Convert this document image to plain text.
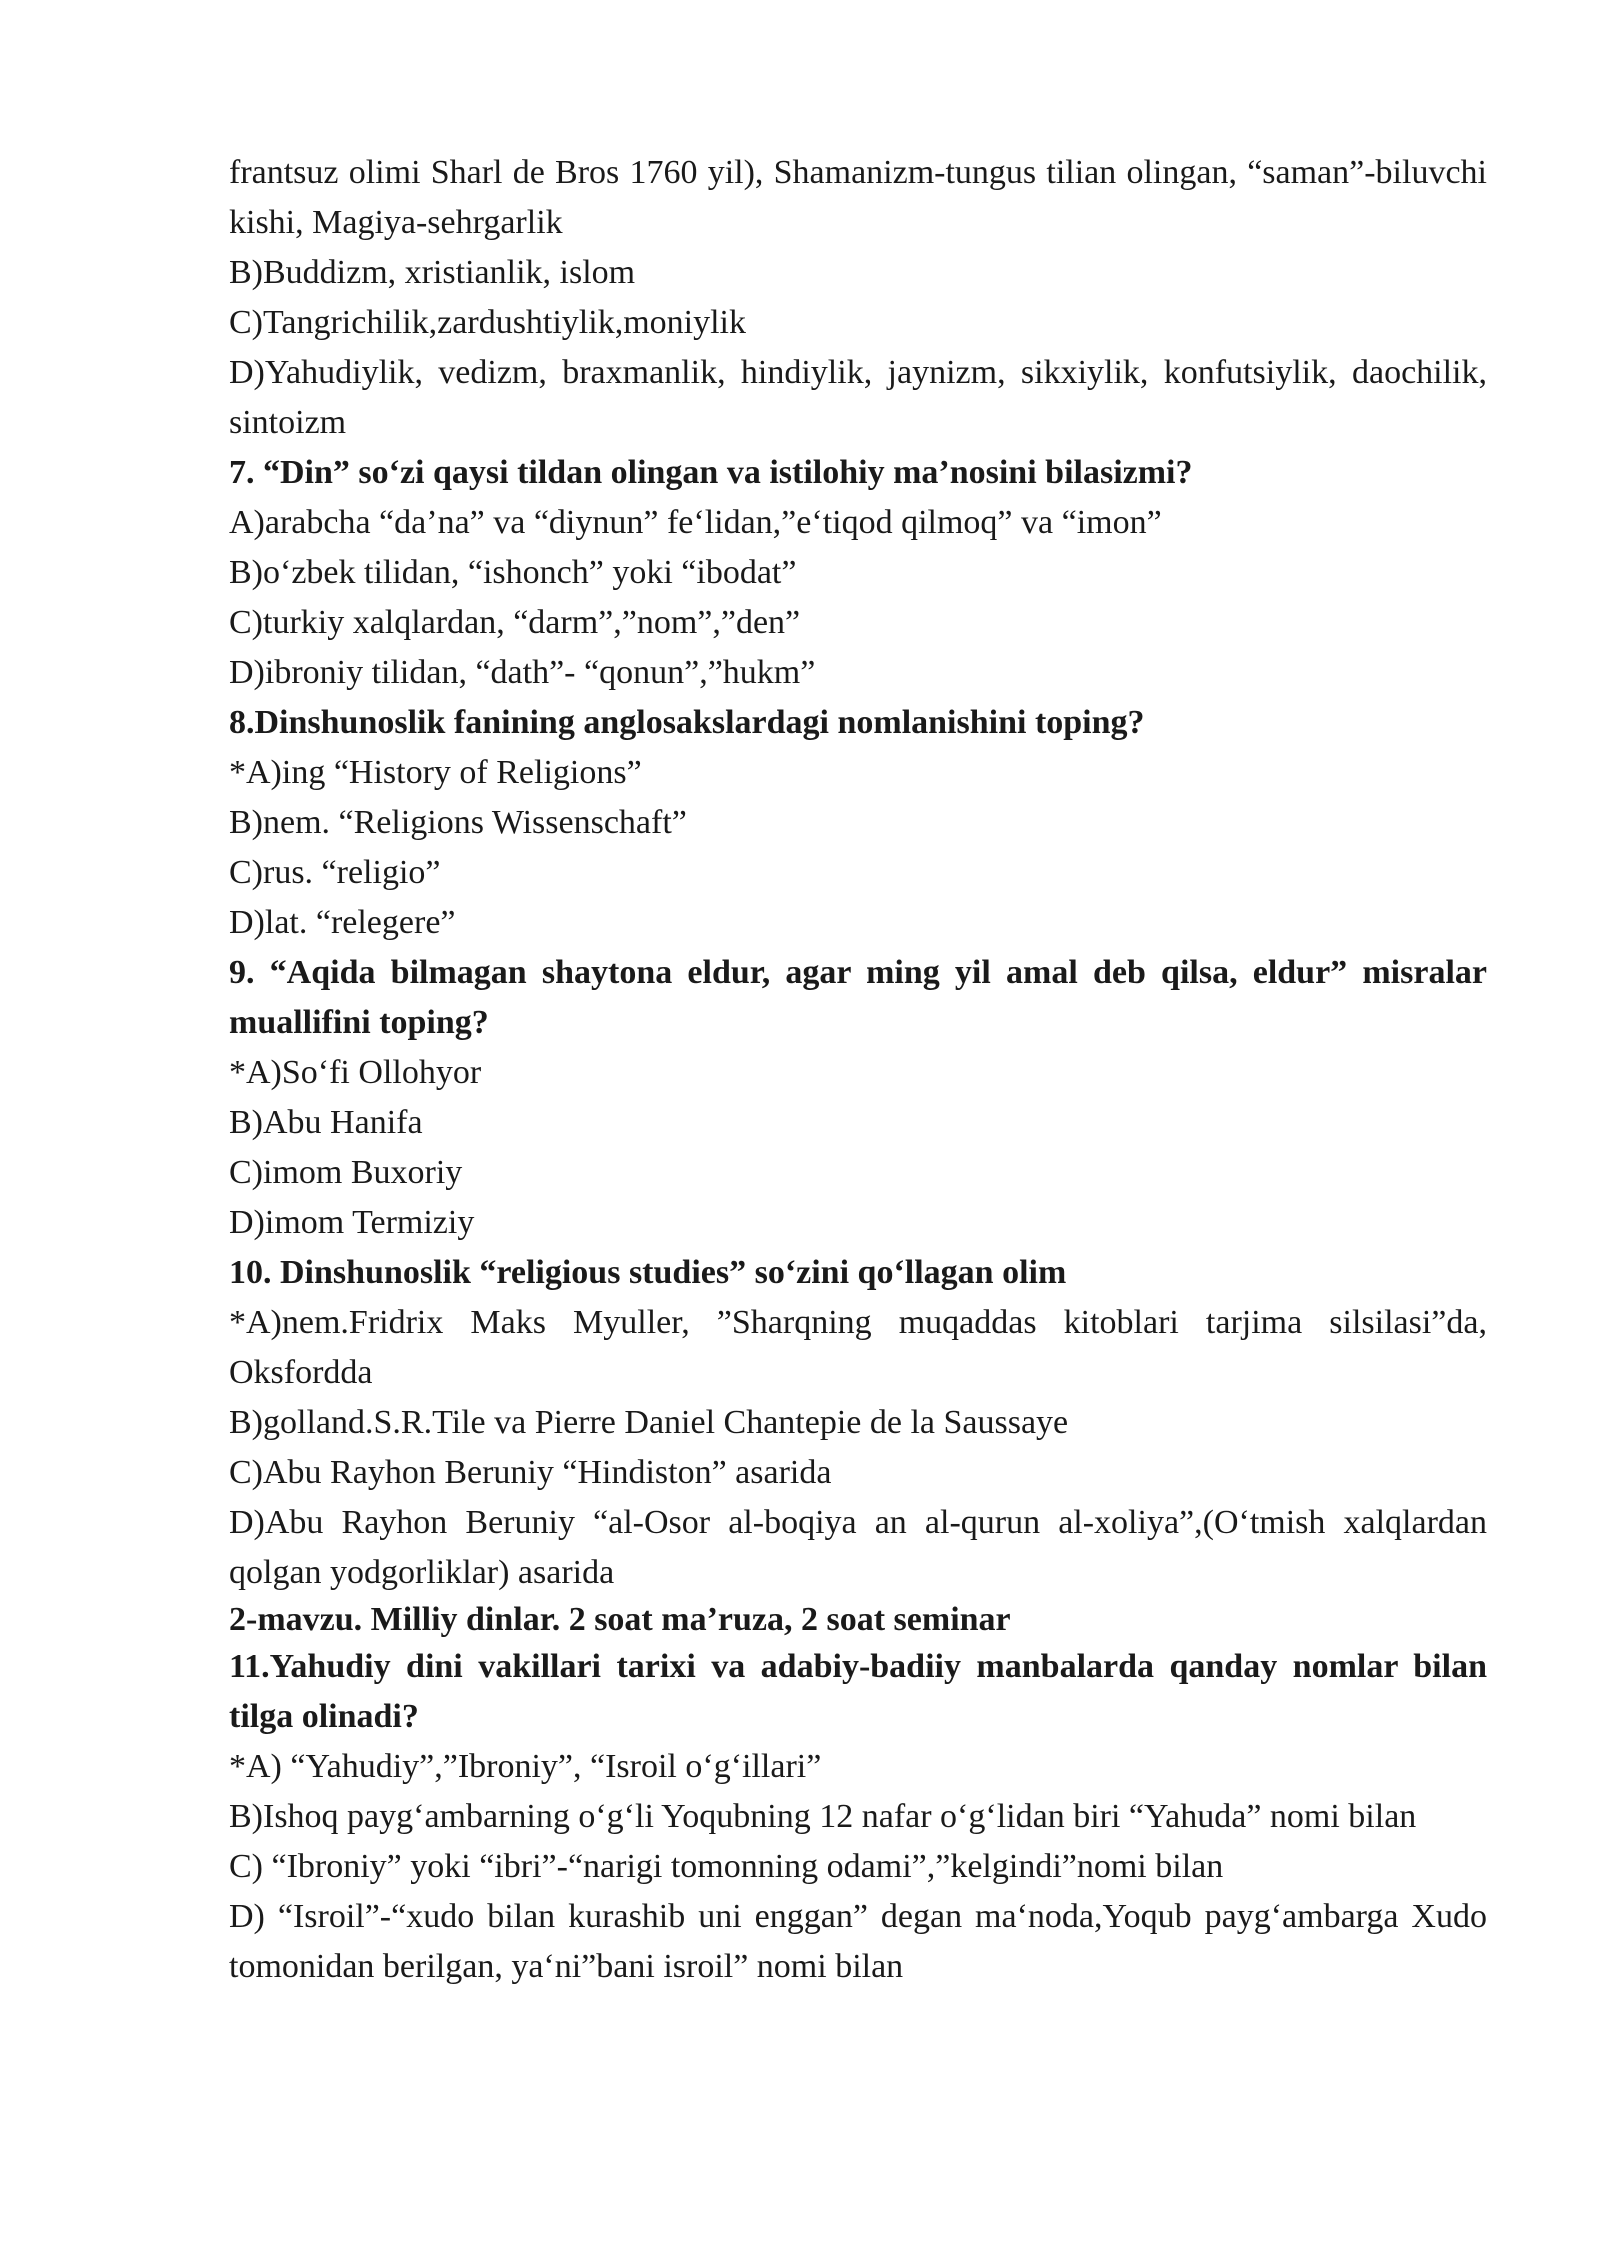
frantsuz olimi Sharl de Bros 1760 yil), Shamanizm-tungus tilian olingan, “saman”-biluvchi kishi, Magiya-sehrgarlik

B)Buddizm, xristianlik, islom

C)Tangrichilik,zardushtiylik,moniylik

D)Yahudiylik, vedizm, braxmanlik, hindiylik, jaynizm, sikxiylik, konfutsiylik, daochilik, sintoizm

7. “Din” soʻzi qaysi tildan olingan va istilohiy ma’nosini bilasizmi?

A)arabcha “da’na” va “diynun” feʻlidan,”eʻtiqod qilmoq” va “imon”

B)oʻzbek tilidan, “ishonch” yoki “ibodat”

C)turkiy xalqlardan, “darm”,”nom”,”den”

D)ibroniy tilidan, “dath”- “qonun”,”hukm”

8.Dinshunoslik fanining anglosakslardagi nomlanishini toping?

*A)ing “History of Religions”

B)nem. “Religions Wissenschaft”

C)rus. “religio”

D)lat. “relegere”

9. “Aqida bilmagan shaytona eldur, agar ming yil amal deb qilsa, eldur” misralar muallifini toping?

*A)Soʻfi Ollohyor

B)Abu Hanifa

C)imom Buxoriy

D)imom Termiziy

10. Dinshunoslik “religious studies” soʻzini qoʻllagan olim

*A)nem.Fridrix Maks Myuller, ”Sharqning muqaddas kitoblari tarjima silsilasi”da, Oksfordda

B)golland.S.R.Tile va Pierre Daniel Chantepie de la Saussaye

C)Abu Rayhon Beruniy “Hindiston” asarida

D)Abu Rayhon Beruniy “al-Osor al-boqiya an al-qurun al-xoliya”,(Oʻtmish xalqlardan qolgan yodgorliklar) asarida

2-mavzu. Milliy dinlar. 2 soat ma’ruza, 2 soat seminar

11.Yahudiy dini vakillari tarixi va adabiy-badiiy manbalarda qanday nomlar bilan tilga olinadi?

*A) “Yahudiy”,”Ibroniy”, “Isroil oʻgʻillari”

B)Ishoq paygʻambarning oʻgʻli Yoqubning 12 nafar oʻgʻlidan biri “Yahuda” nomi bilan

C) “Ibroniy” yoki “ibri”-“narigi tomonning odami”,”kelgindi”nomi bilan

D) “Isroil”-“xudo bilan kurashib uni enggan” degan maʻnoda,Yoqub paygʻambarga Xudo tomonidan berilgan, yaʻni”bani isroil” nomi bilan
